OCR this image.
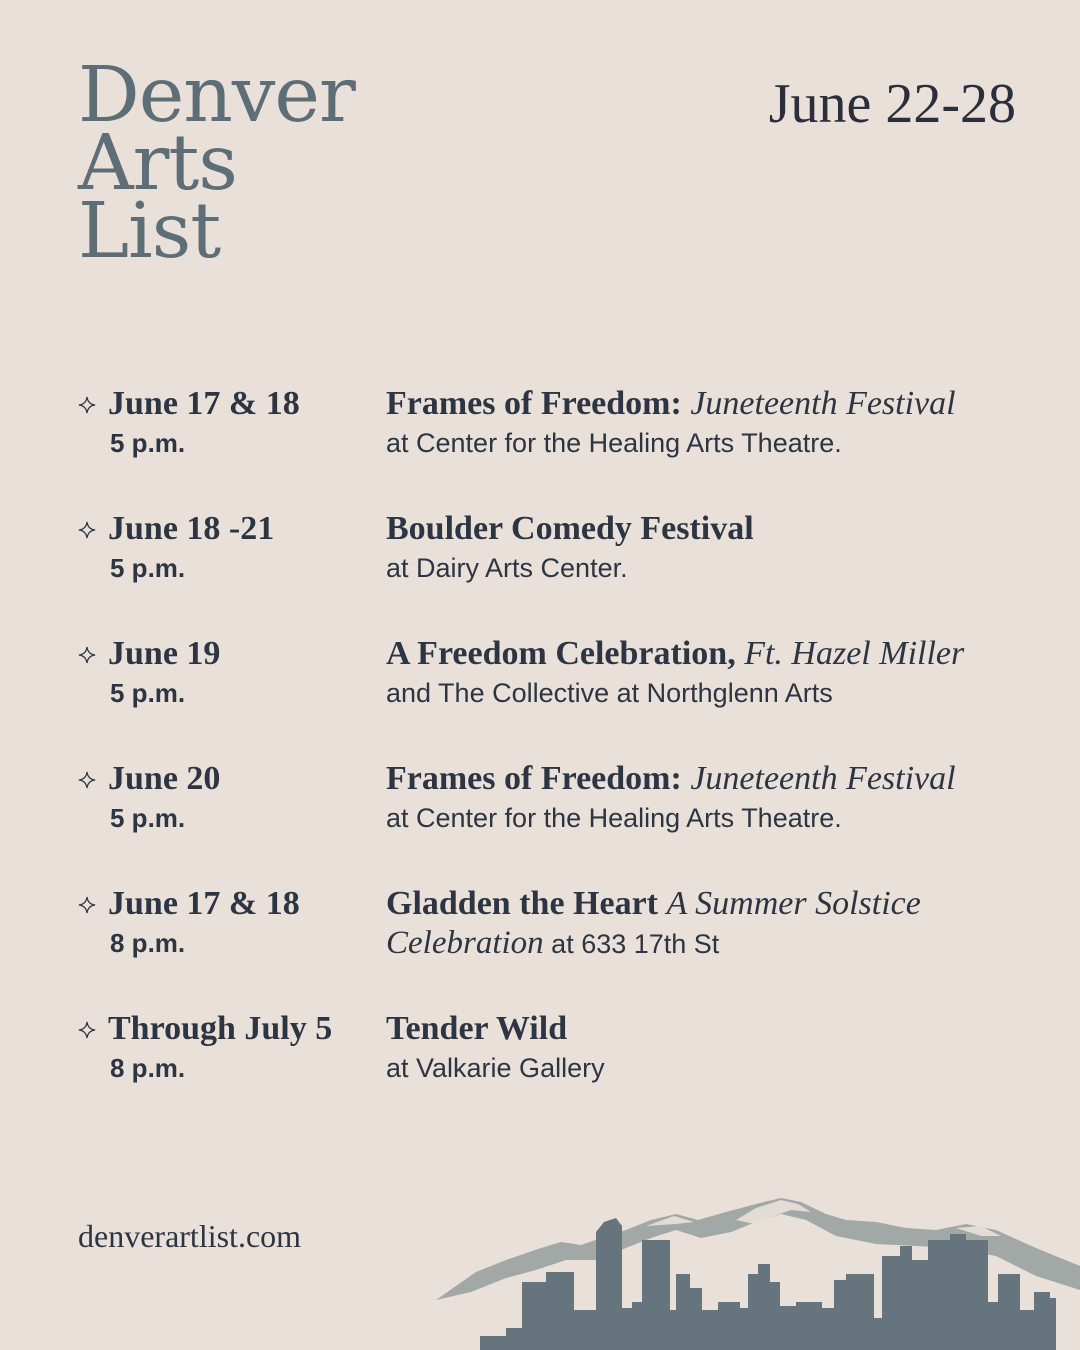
Denver
Arts
List
June 22-28
June 17 & 18
5 p.m.
Frames of Freedom: Juneteenth Festival
at Center for the Healing Arts Theatre.
June 18 -21
5 p.m.
Boulder Comedy Festival
at Dairy Arts Center.
June 19
5 p.m.
A Freedom Celebration, Ft. Hazel Miller
and The Collective at Northglenn Arts
June 20
5 p.m.
Frames of Freedom: Juneteenth Festival
at Center for the Healing Arts Theatre.
June 17 & 18
8 p.m.
Gladden the Heart A Summer Solstice
Celebration at 633 17th St
Through July 5
8 p.m.
Tender Wild
at Valkarie Gallery
denverartlist.com
